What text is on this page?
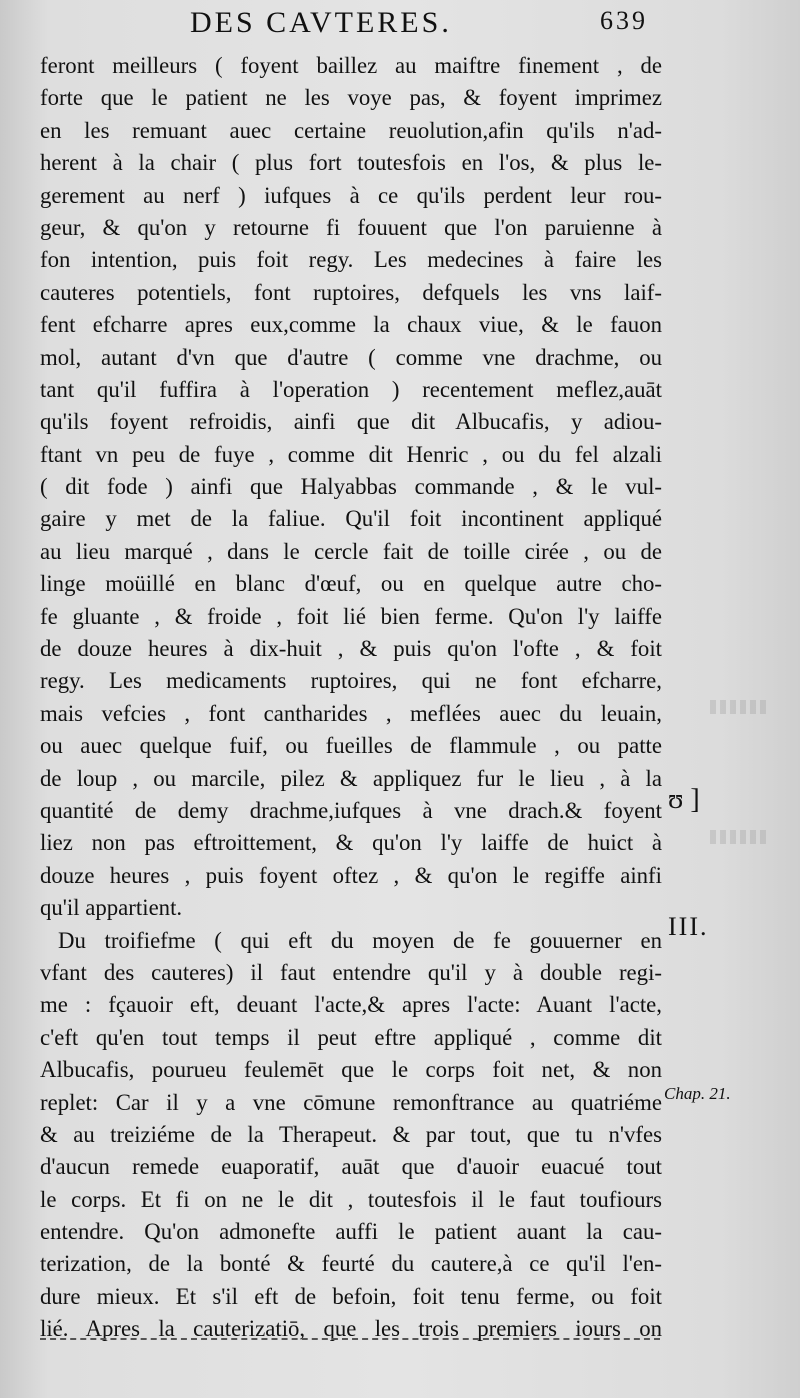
DES CAVTERES.	639
feront meilleurs ( foyent baillez au maiftre finement , de
forte que le patient ne les voye pas, & foyent imprimez
en les remuant auec certaine reuolution,afin qu'ils n'ad-
herent à la chair ( plus fort toutesfois en l'os, & plus le-
gerement au nerf ) iufques à ce qu'ils perdent leur rou-
geur, & qu'on y retourne fi fouuent que l'on paruienne à
fon intention, puis foit regy. Les medecines à faire les
cauteres potentiels, font ruptoires, defquels les vns laif-
fent efcharre apres eux,comme la chaux viue, & le fauon
mol, autant d'vn que d'autre ( comme vne drachme, ou
tant qu'il fuffira à l'operation ) recentement meflez,auāt
qu'ils foyent refroidis, ainfi que dit Albucafis, y adiou-
ftant vn peu de fuye , comme dit Henric , ou du fel alzali
( dit fode ) ainfi que Halyabbas commande , & le vul-
gaire y met de la faliue. Qu'il foit incontinent appliqué
au lieu marqué , dans le cercle fait de toille cirée , ou de
linge moüillé en blanc d'œuf, ou en quelque autre cho-
fe gluante , & froide , foit lié bien ferme. Qu'on l'y laiffe
de douze heures à dix-huit , & puis qu'on l'ofte , & foit
regy. Les medicaments ruptoires, qui ne font efcharre,
mais vefcies , font cantharides , meflées auec du leuain,
ou auec quelque fuif, ou fueilles de flammule , ou patte
de loup , ou marcile, pilez & appliquez fur le lieu , à la
quantité de demy drachme,iufques à vne drach.& foyent
liez non pas eftroittement, & qu'on l'y laiffe de huict à
douze heures , puis foyent oftez , & qu'on le regiffe ainfi
qu'il appartient.
Du troifiefme ( qui eft du moyen de fe gouuerner en
vfant des cauteres) il faut entendre qu'il y à double regi-
me : fçauoir eft, deuant l'acte,& apres l'acte: Auant l'acte,
c'eft qu'en tout temps il peut eftre appliqué , comme dit
Albucafis, pourueu feulemēt que le corps foit net, & non
replet: Car il y a vne cōmune remonftrance au quatriéme
& au treiziéme de la Therapeut. & par tout, que tu n'vfes
d'aucun remede euaporatif, auāt que d'auoir euacué tout
le corps. Et fi on ne le dit , toutesfois il le faut toufiours
entendre. Qu'on admonefte auffi le patient auant la cau-
terization, de la bonté & feurté du cautere,à ce qu'il l'en-
dure mieux. Et s'il eft de befoin, foit tenu ferme, ou foit
lié. Apres la cauterizatiō, que les trois premiers iours on
ʊ ]
III.
Chap. 21.
